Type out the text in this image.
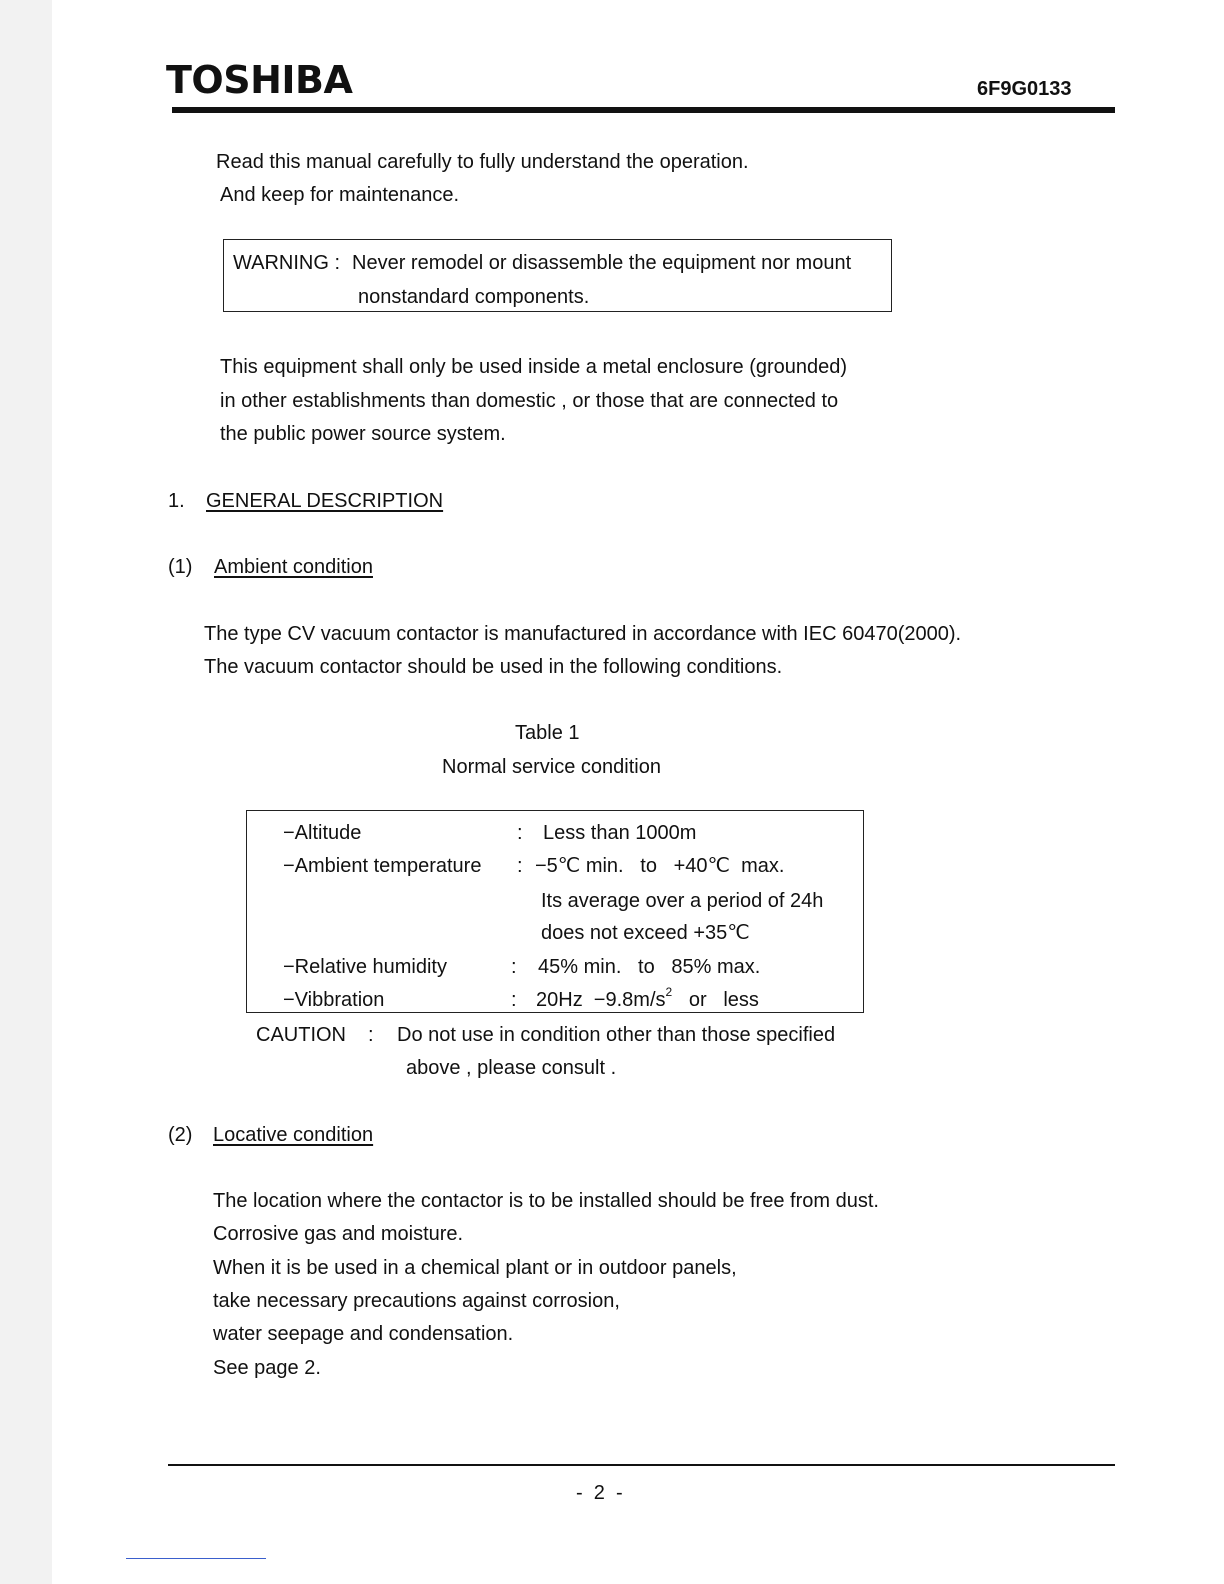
TOSHIBA	6F9G0133
Read this manual carefully to fully understand the operation.
And keep for maintenance.
WARNING : Never remodel or disassemble the equipment nor mount
nonstandard components.
This equipment shall only be used inside a metal enclosure (grounded)
in other establishments than domestic , or those that are connected to
the public power source system.
1. GENERAL DESCRIPTION
(1) Ambient condition
The type CV vacuum contactor is manufactured in accordance with IEC 60470(2000).
The vacuum contactor should be used in the following conditions.
Table 1
Normal service condition
−Altitude	: Less than 1000m
−Ambient temperature : −5℃ min.   to   +40℃  max.
Its average over a period of 24h
does not exceed +35℃
−Relative humidity	: 45% min.   to   85% max.
−Vibbration	: $20Hz -9.8m/s^2$   or   less
CAUTION : Do not use in condition other than those specified
above , please consult .
(2) Locative condition
The location where the contactor is to be installed should be free from dust.
Corrosive gas and moisture.
When it is be used in a chemical plant or in outdoor panels,
take necessary precautions against corrosion,
water seepage and condensation.
See page 2.
-  2  -
